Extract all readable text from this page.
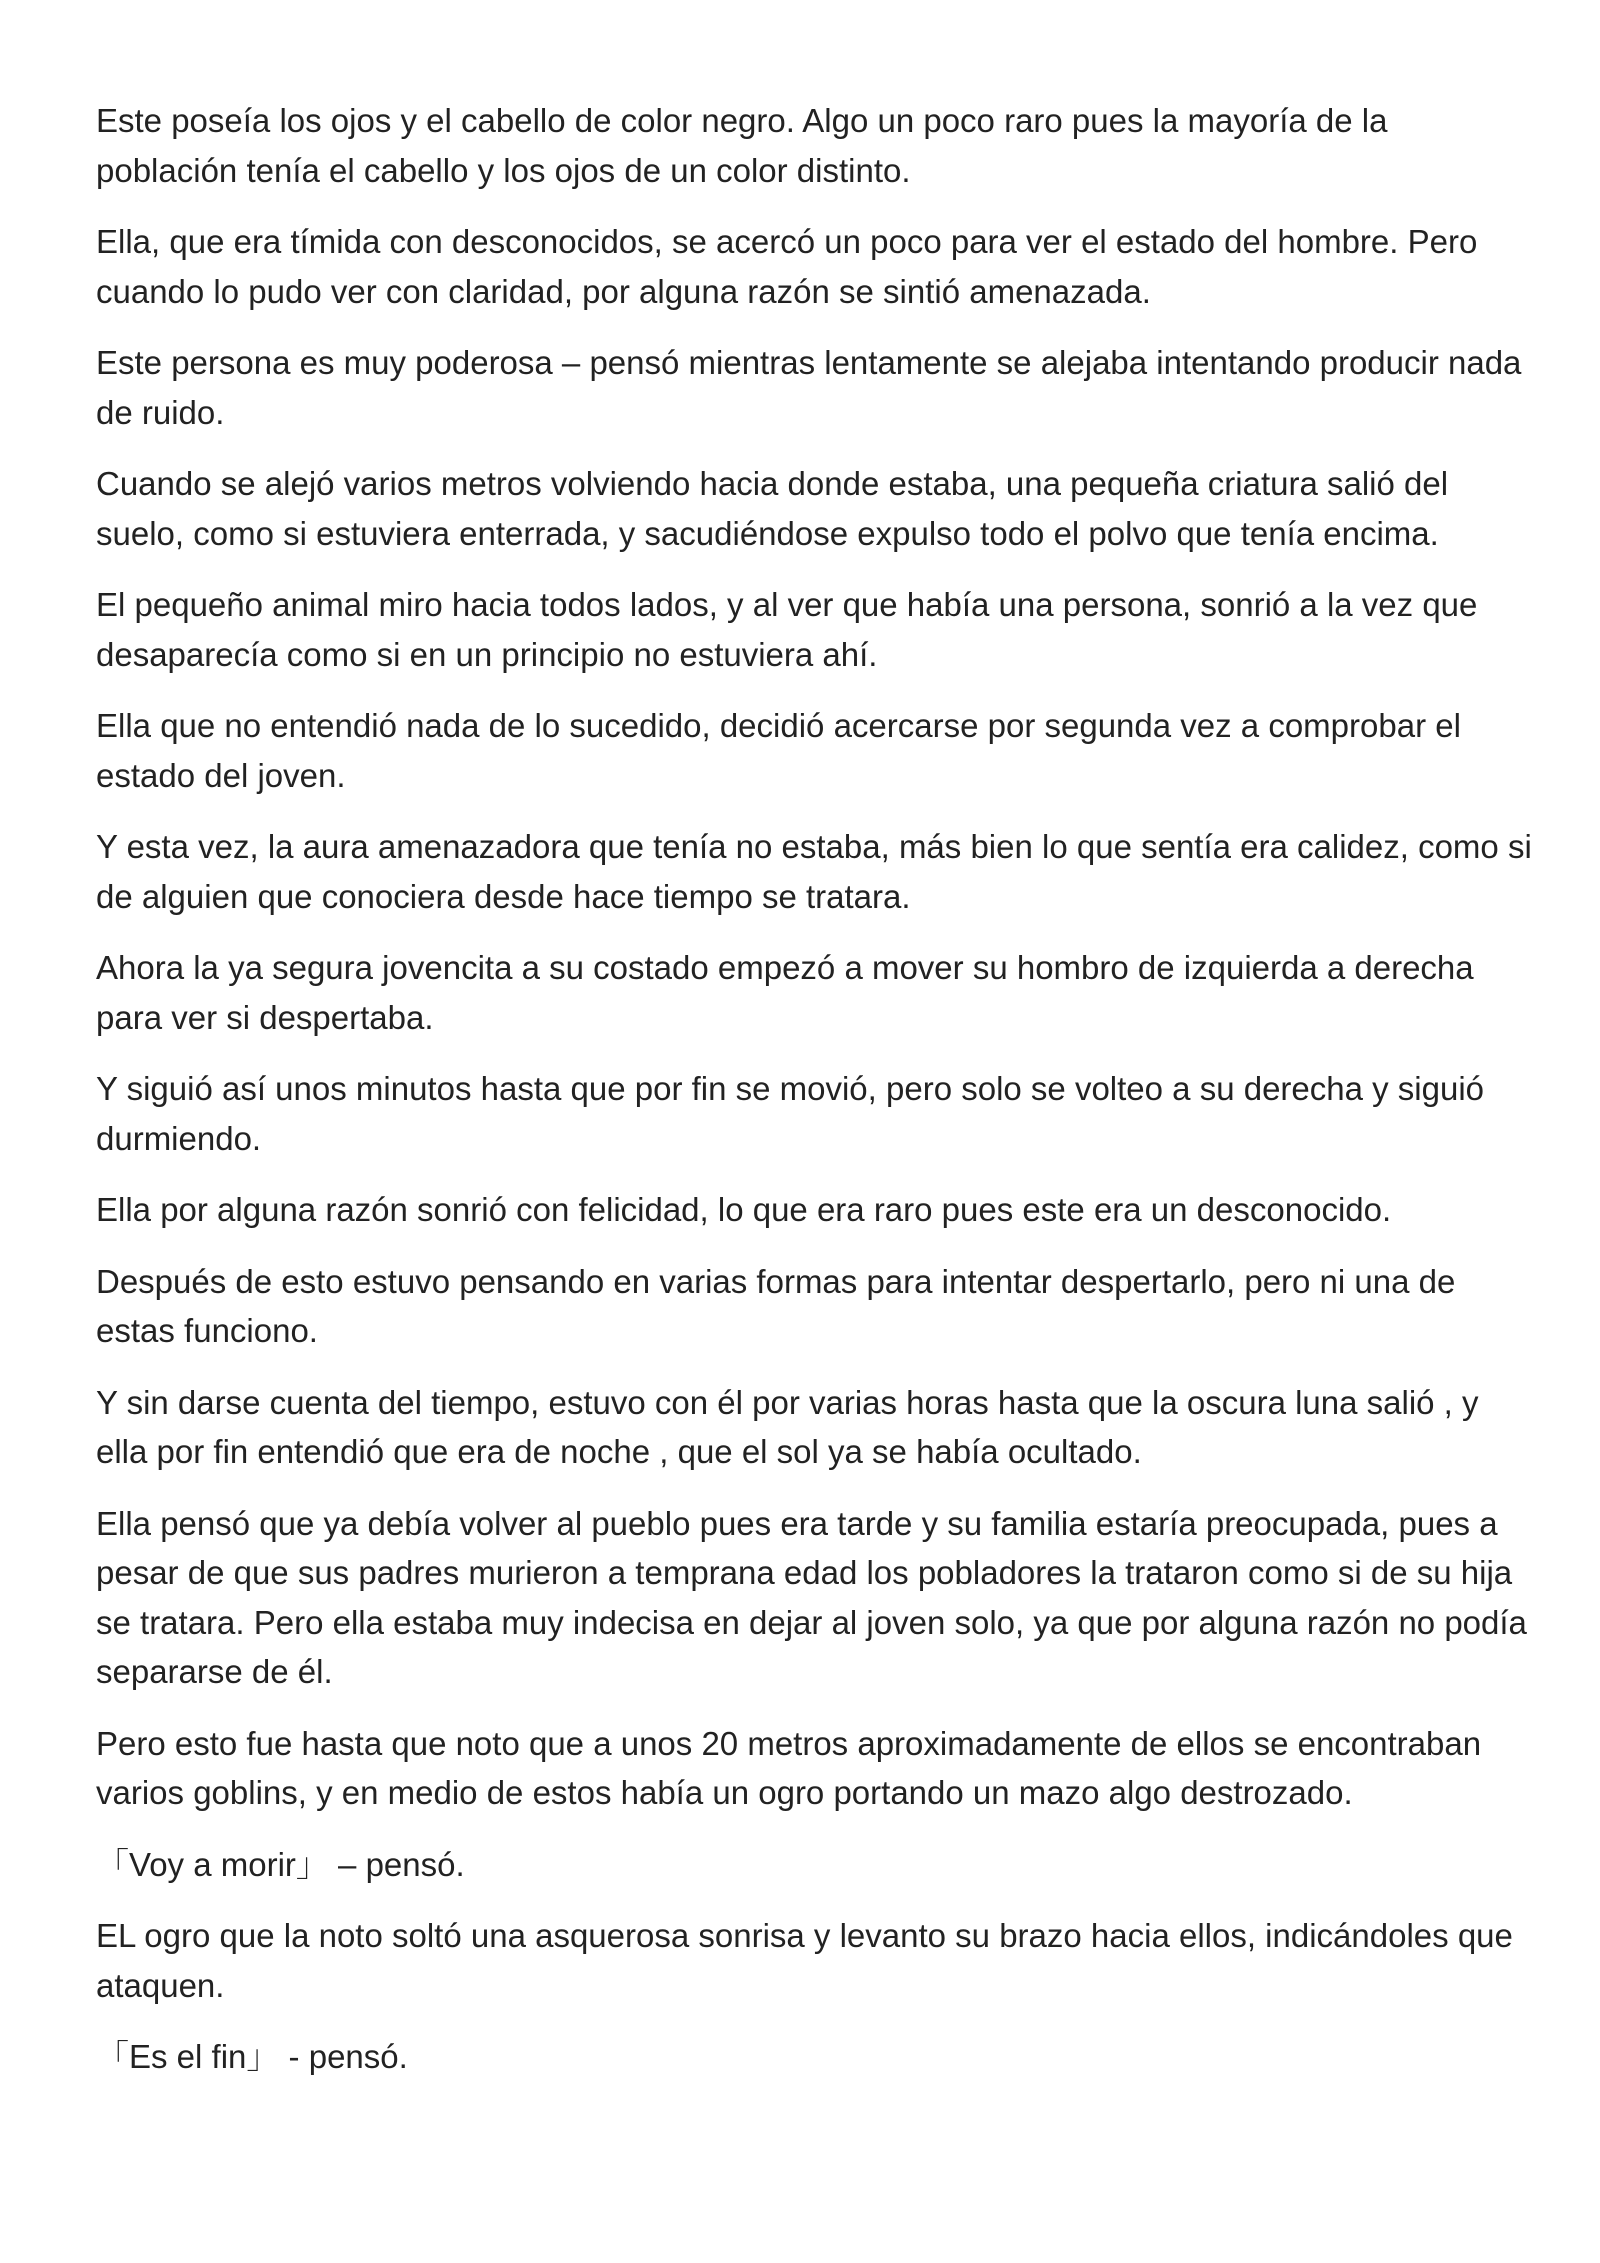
Este poseía los ojos y el cabello de color negro. Algo un poco raro pues la mayoría de la población tenía el cabello y los ojos de un color distinto.

Ella, que era tímida con desconocidos, se acercó un poco para ver el estado del hombre. Pero cuando lo pudo ver con claridad, por alguna razón se sintió amenazada.

Este persona es muy poderosa – pensó mientras lentamente se alejaba intentando producir nada de ruido.

Cuando se alejó varios metros volviendo hacia donde estaba, una pequeña criatura salió del suelo, como si estuviera enterrada, y sacudiéndose expulso todo el polvo que tenía encima.

El pequeño animal miro hacia todos lados, y al ver que había una persona, sonrió a la vez que desaparecía como si en un principio no estuviera ahí.

Ella que no entendió nada de lo sucedido, decidió acercarse por segunda vez a comprobar el estado del joven.

Y esta vez, la aura amenazadora que tenía no estaba, más bien lo que sentía era calidez, como si de alguien que conociera desde hace tiempo se tratara.

Ahora la ya segura jovencita a su costado empezó a mover su hombro de izquierda a derecha para ver si despertaba.

Y siguió así unos minutos hasta que por fin se movió, pero solo se volteo a su derecha y siguió durmiendo.

Ella por alguna razón sonrió con felicidad, lo que era raro pues este era un desconocido.

Después de esto estuvo pensando en varias formas para intentar despertarlo, pero ni una de estas funciono.

Y sin darse cuenta del tiempo, estuvo con él por varias horas hasta que la oscura luna salió , y ella por fin entendió que era de noche , que el sol ya se había ocultado.

Ella pensó que ya debía volver al pueblo pues era tarde y su familia estaría preocupada, pues a pesar de que sus padres murieron a temprana edad los pobladores la trataron como si de su hija se tratara. Pero ella estaba muy indecisa en dejar al joven solo, ya que por alguna razón no podía separarse de él.

Pero esto fue hasta que noto que a unos 20 metros aproximadamente de ellos se encontraban varios goblins, y en medio de estos había un ogro portando un mazo algo destrozado.

「Voy a morir」 – pensó.

EL ogro que la noto soltó una asquerosa sonrisa y levanto su brazo hacia ellos, indicándoles que ataquen.

「Es el fin」 - pensó.
